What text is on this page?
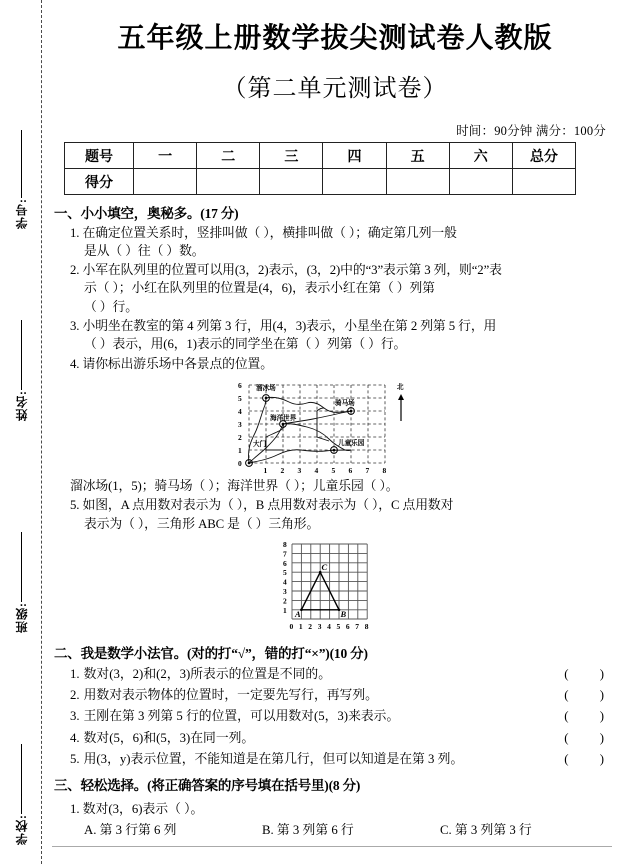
学号:
姓名:
班级:
学校:
五年级上册数学拔尖测试卷人教版
（第二单元测试卷）
时间：90分钟 满分：100分
题号	一	二	三	四	五	六	总分
得分							
一、小小填空，奥秘多。(17 分)
1. 在确定位置关系时，竖排叫做（ ），横排叫做（ ）；确定第几列一般
是从（ ）往（ ）数。
2. 小军在队列里的位置可以用(3，2)表示，(3，2)中的“3”表示第 3 列，则“2”表
示（ ）；小红在队列里的位置是(4，6)，表示小红在第（ ）列第
（ ）行。
3. 小明坐在教室的第 4 列第 3 行，用(4，3)表示，小星坐在第 2 列第 5 行，用
（ ）表示，用(6，1)表示的同学坐在第（ ）列第（ ）行。
4. 请你标出游乐场中各景点的位置。
溜冰场
海洋世界
骑马场
儿童乐园
大门
6
5
4
3
2
1
0
1 2 3 4 5 6 7 8
北
溜冰场(1，5)；骑马场（ ）；海洋世界（ ）；儿童乐园（ ）。
5. 如图，A 点用数对表示为（ ），B 点用数对表示为（ ），C 点用数对
表示为（ ），三角形 ABC 是（ ）三角形。
A	B
C
8
7
6
5
4
3
2
1
0 1 2 3 4 5 6 7 8
二、我是数学小法官。(对的打“√”，错的打“×”)(10 分)
1. 数对(3，2)和(2，3)所表示的位置是不同的。	( )
2. 用数对表示物体的位置时，一定要先写行，再写列。	( )
3. 王刚在第 3 列第 5 行的位置，可以用数对(5，3)来表示。	( )
4. 数对(5，6)和(5，3)在同一列。	( )
5. 用(3，y)表示位置，不能知道是在第几行，但可以知道是在第 3 列。	( )
三、轻松选择。(将正确答案的序号填在括号里)(8 分)
1. 数对(3，6)表示（ ）。
A. 第 3 行第 6 列	B. 第 3 列第 6 行	C. 第 3 列第 3 行
